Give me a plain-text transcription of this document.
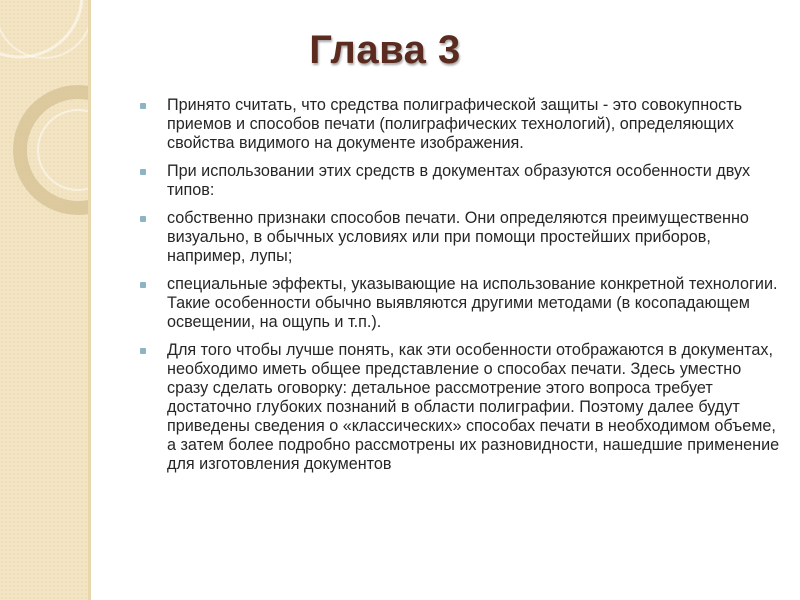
Глава 3
Принято считать, что средства полиграфической защиты - это совокупность приемов и способов печати (полиграфических технологий), определяющих свойства видимого на документе изображения.
При использовании этих средств в документах образуются особенности двух типов:
собственно признаки способов печати. Они определяются преимущественно визуально, в обычных условиях или при помощи простейших приборов, например, лупы;
специальные эффекты, указывающие на использование конкретной технологии. Такие особенности обычно выявляются другими методами (в косопадающем освещении, на ощупь и т.п.).
Для того чтобы лучше понять, как эти особенности отображаются в документах, необходимо иметь общее представление о способах печати. Здесь уместно сразу сделать оговорку: детальное рассмотрение этого вопроса требует достаточно глубоких познаний в области полиграфии. Поэтому далее будут приведены сведения о «классических» способах печати в необходимом объеме, а затем более подробно рассмотрены их разновидности, нашедшие применение для изготовления документов
